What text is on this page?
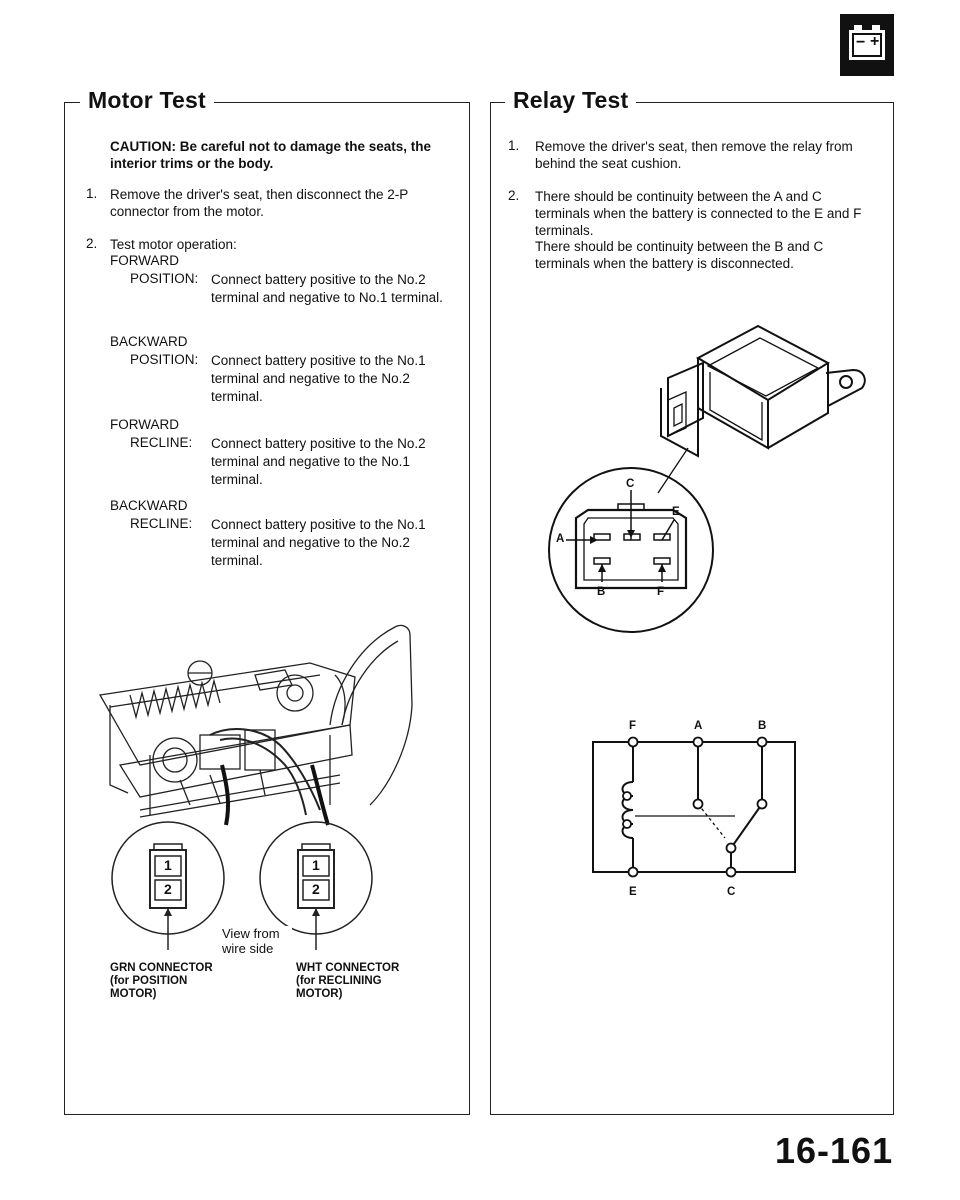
− +
Motor Test
CAUTION: Be careful not to damage the seats, the interior trims or the body.
1. Remove the driver's seat, then disconnect the 2-P connector from the motor.
2. Test motor operation:
FORWARD
POSITION: Connect battery positive to the No.2 terminal and negative to No.1 terminal.
BACKWARD
POSITION: Connect battery positive to the No.1 terminal and negative to the No.2 terminal.
FORWARD
RECLINE: Connect battery positive to the No.2 terminal and negative to the No.1 terminal.
BACKWARD
RECLINE: Connect battery positive to the No.1 terminal and negative to the No.2 terminal.
1
2
1
2
View from wire side
GRN CONNECTOR
(for POSITION
MOTOR)
WHT CONNECTOR
(for RECLINING
MOTOR)
Relay Test
1. Remove the driver's seat, then remove the relay from behind the seat cushion.
2. There should be continuity between the A and C terminals when the battery is connected to the E and F terminals.
There should be continuity between the B and C terminals when the battery is disconnected.
C
E
A
B	F
F	A	B
E	C
16-161
